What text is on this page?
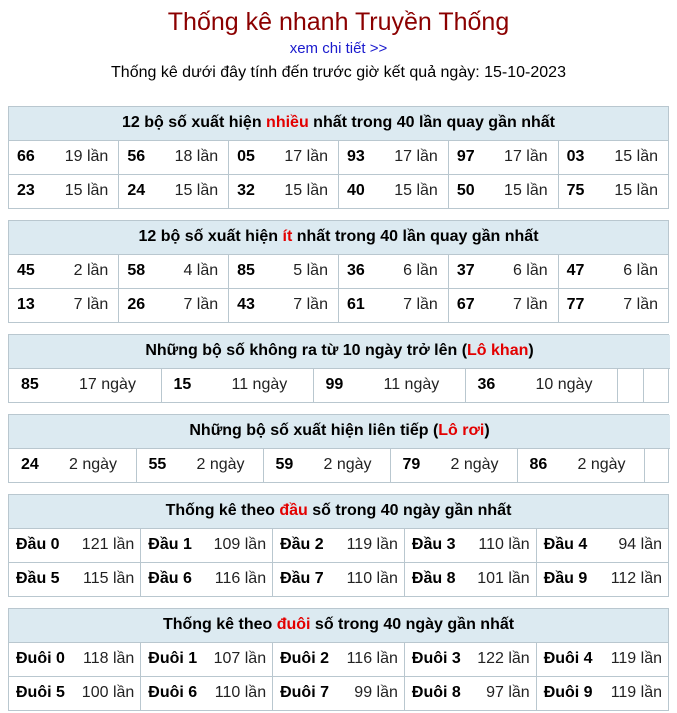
Thống kê nhanh Truyền Thống
xem chi tiết >>
Thống kê dưới đây tính đến trước giờ kết quả ngày: 15-10-2023
12 bộ số xuất hiện nhiều nhất trong 40 lần quay gần nhất					

66 19 lần	56 18 lần	05 17 lần	93 17 lần	97 17 lần	03 15 lần

23 15 lần	24 15 lần	32 15 lần	40 15 lần	50 15 lần	75 15 lần
12 bộ số xuất hiện ít nhất trong 40 lần quay gần nhất					

45 2 lần	58 4 lần	85 5 lần	36 6 lần	37 6 lần	47 6 lần

13 7 lần	26 7 lần	43 7 lần	61 7 lần	67 7 lần	77 7 lần
Những bộ số không ra từ 10 ngày trở lên (Lô khan)

85	17 ngày	15	11 ngày	99	11 ngày	36	10 ngày

Những bộ số xuất hiện liên tiếp (Lô rơi)

24	2 ngày	55	2 ngày	59	2 ngày	79	2 ngày	86	2 ngày

Thống kê theo đầu số trong 40 ngày gần nhất				

Đầu 0 121 lần	Đầu 1 109 lần	Đầu 2 119 lần	Đầu 3 110 lần	Đầu 4 94 lần

Đầu 5 115 lần	Đầu 6 116 lần	Đầu 7 110 lần	Đầu 8 101 lần	Đầu 9 112 lần
Thống kê theo đuôi số trong 40 ngày gần nhất				

Đuôi 0 118 lần	Đuôi 1 107 lần	Đuôi 2 116 lần	Đuôi 3 122 lần	Đuôi 4 119 lần

Đuôi 5 100 lần	Đuôi 6 110 lần	Đuôi 7 99 lần	Đuôi 8 97 lần	Đuôi 9 119 lần
